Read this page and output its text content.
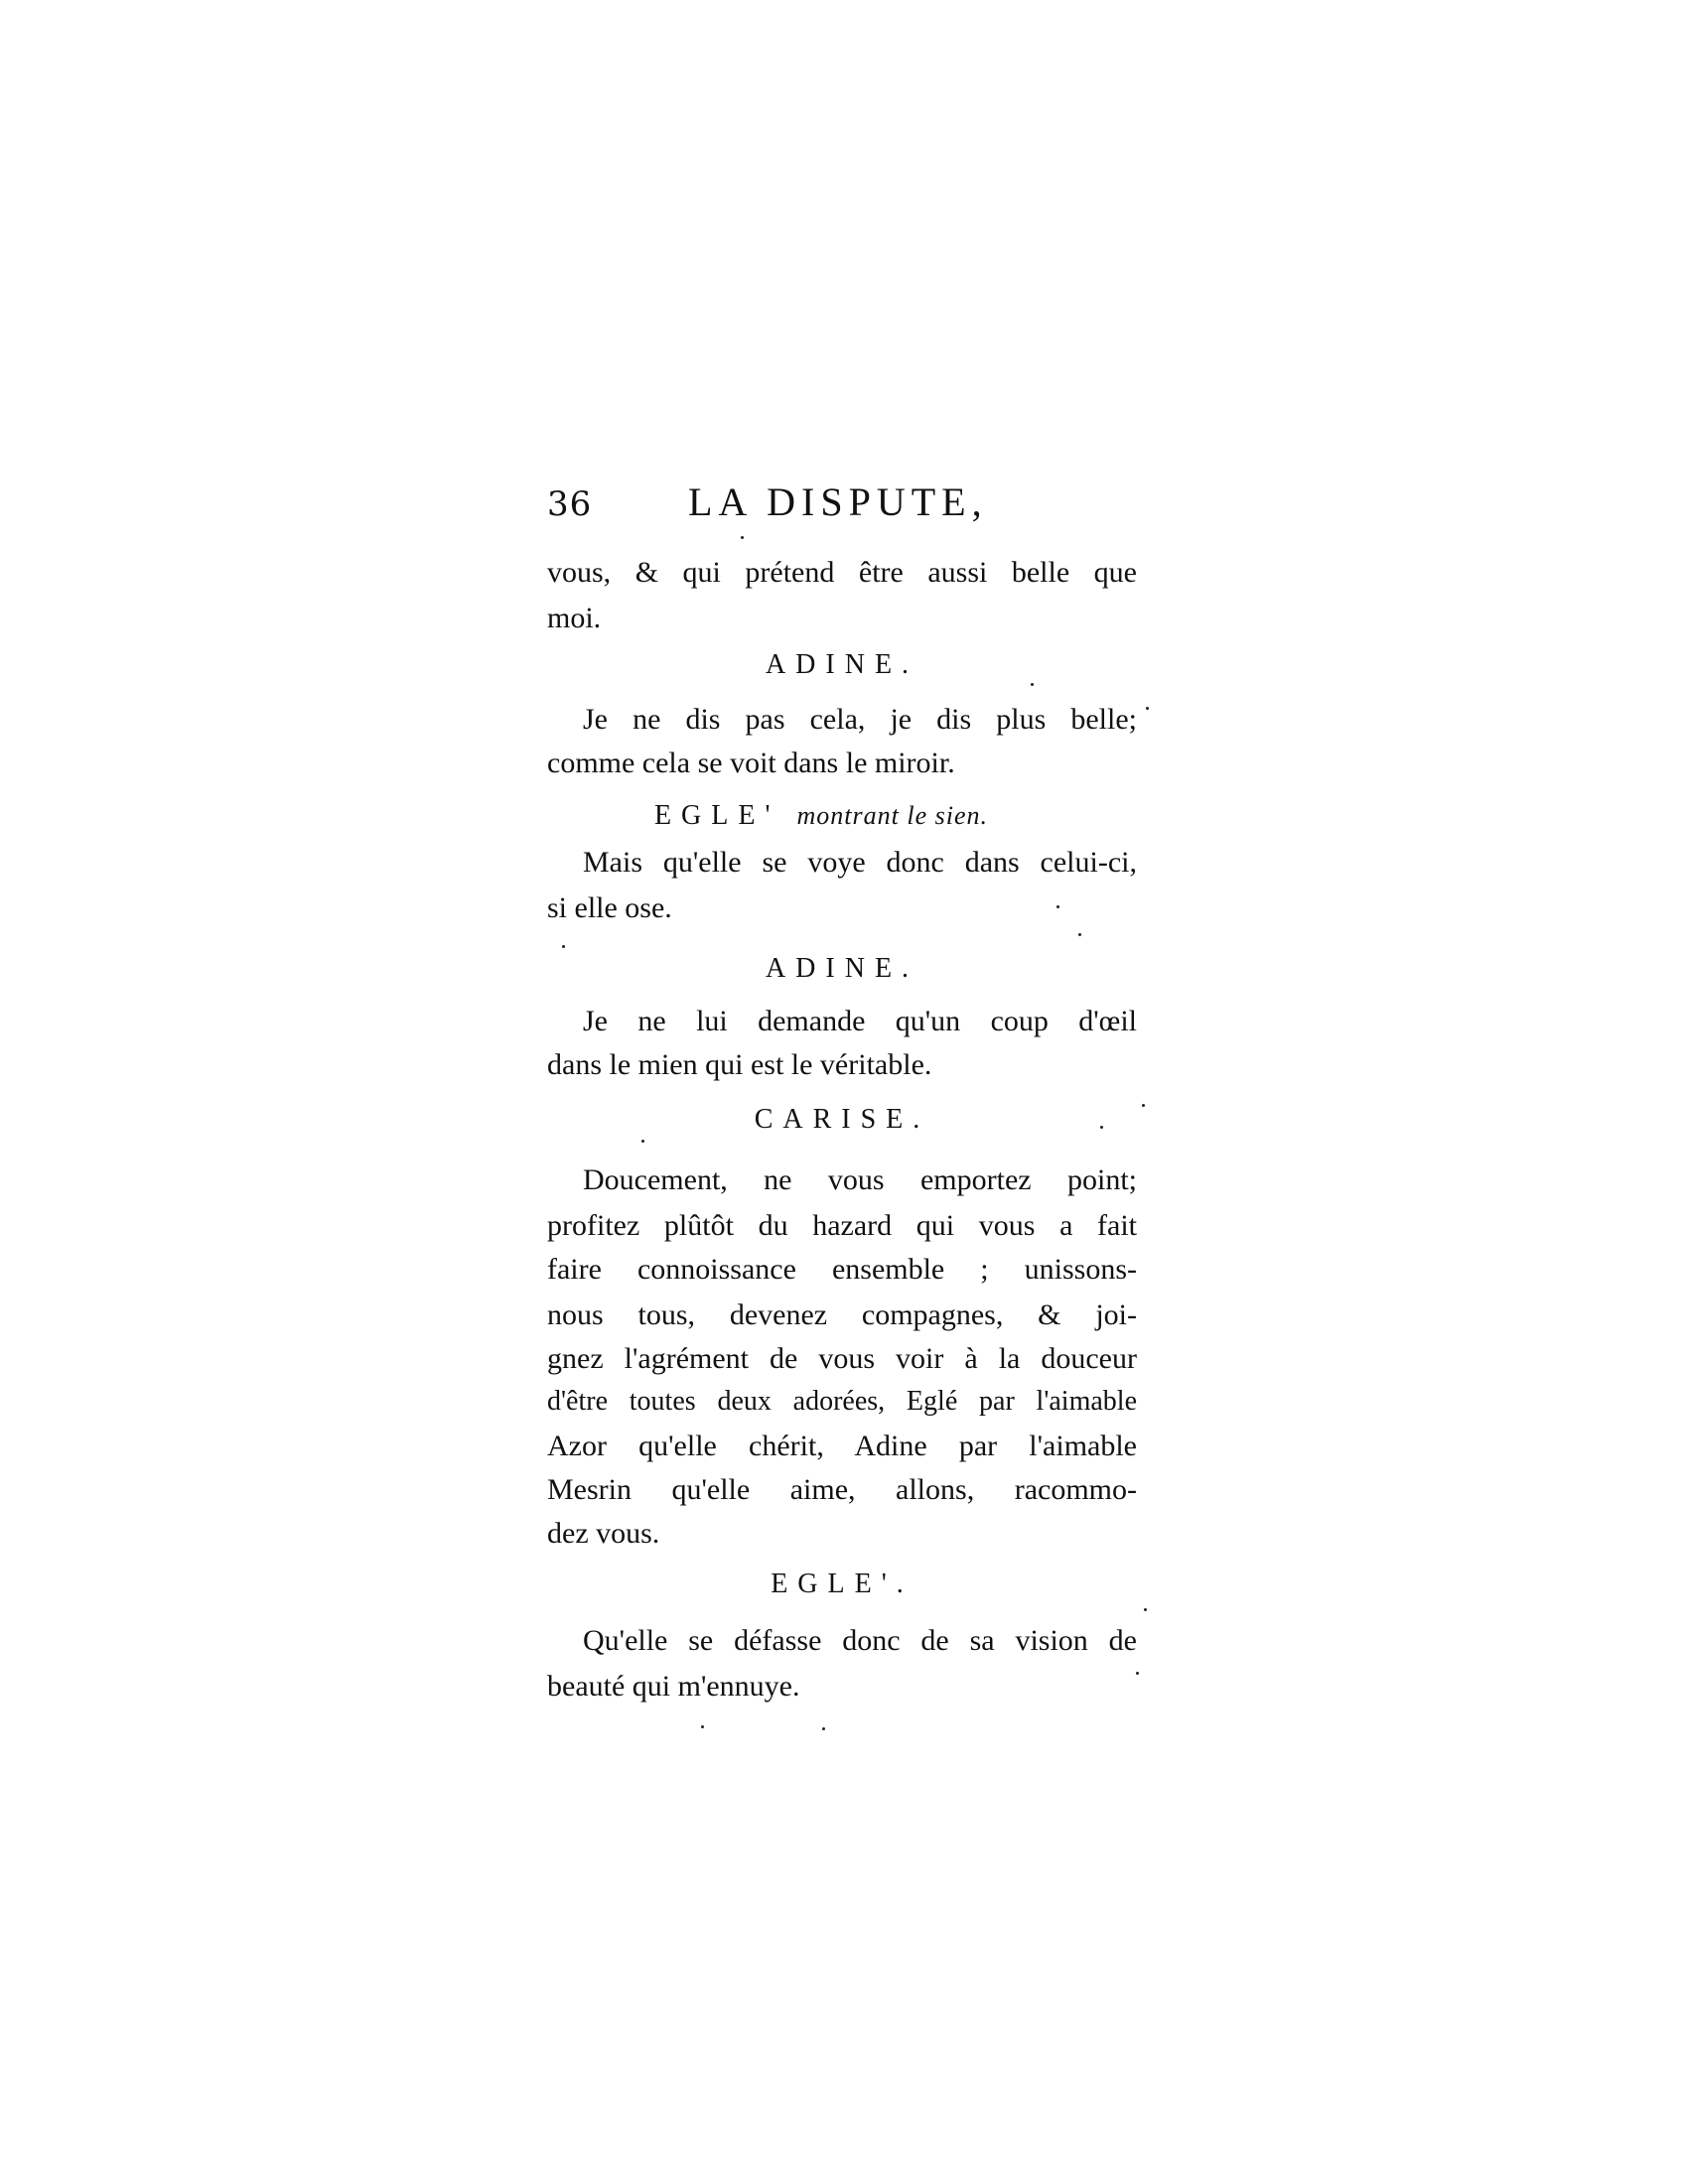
36 LA DISPUTE,
vous, & qui prétend être aussi belle que
moi.
ADINE.
Je ne dis pas cela, je dis plus belle;
comme cela se voit dans le miroir.
EGLE' montrant le sien.
Mais qu'elle se voye donc dans celui-ci,
si elle ose.
ADINE.
Je ne lui demande qu'un coup d'œil
dans le mien qui est le véritable.
CARISE.
Doucement, ne vous emportez point;
profitez plûtôt du hazard qui vous a fait
faire connoissance ensemble ; unissons-
nous tous, devenez compagnes, & joi-
gnez l'agrément de vous voir à la douceur
d'être toutes deux adorées, Eglé par l'aimable
Azor qu'elle chérit, Adine par l'aimable
Mesrin qu'elle aime, allons, racommo-
dez vous.
EGLE'.
Qu'elle se défasse donc de sa vision de
beauté qui m'ennuye.
